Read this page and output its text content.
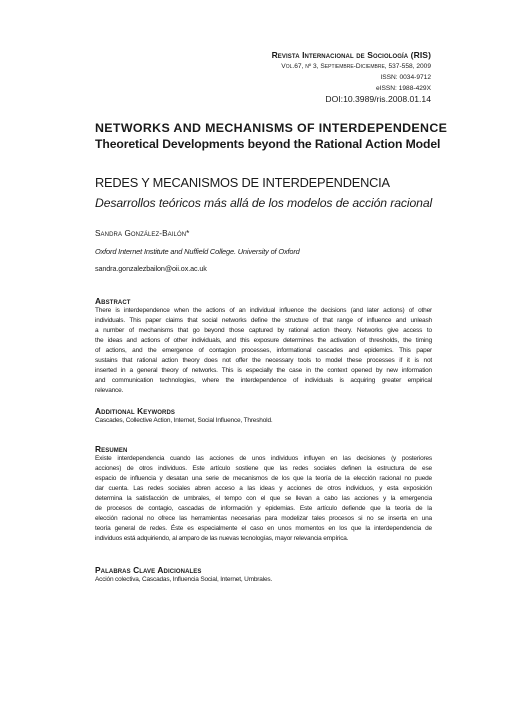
Revista Internacional de Sociología (RIS)
Vol.67, nº 3, Septiembre-Diciembre, 537-558, 2009
ISSN: 0034-9712
eISSN: 1988-429X
DOI:10.3989/ris.2008.01.14
NETWORKS AND MECHANISMS OF INTERDEPENDENCE
Theoretical Developments beyond the Rational Action Model
REDES Y MECANISMOS DE INTERDEPENDENCIA
Desarrollos teóricos más allá de los modelos de acción racional
Sandra González-Bailón*
Oxford Internet Institute and Nuffield College. University of Oxford
sandra.gonzalezbailon@oii.ox.ac.uk
Abstract
There is interdependence when the actions of an individual influence the decisions (and later actions) of other
individuals. This paper claims that social networks define the structure of that range of influence and unleash
a number of mechanisms that go beyond those captured by rational action theory. Networks give access to
the ideas and actions of other individuals, and this exposure determines the activation of thresholds, the timing
of actions, and the emergence of contagion processes, informational cascades and epidemics. This paper
sustains that rational action theory does not offer the necessary tools to model these processes if it is not
inserted in a general theory of networks. This is especially the case in the context opened by new information
and communication technologies, where the interdependence of individuals is acquiring greater empirical
relevance.
Additional Keywords
Cascades, Collective Action, Internet, Social Influence, Threshold.
Resumen
Existe interdependencia cuando las acciones de unos individuos influyen en las decisiones (y posteriores
acciones) de otros individuos. Este artículo sostiene que las redes sociales definen la estructura de ese
espacio de influencia y desatan una serie de mecanismos de los que la teoría de la elección racional no puede
dar cuenta. Las redes sociales abren acceso a las ideas y acciones de otros individuos, y esta exposición
determina la satisfacción de umbrales, el tempo con el que se llevan a cabo las acciones y la emergencia
de procesos de contagio, cascadas de información y epidemias. Este artículo defiende que la teoría de la
elección racional no ofrece las herramientas necesarias para modelizar tales procesos si no se inserta en una
teoría general de redes. Éste es especialmente el caso en unos momentos en los que la interdependencia de
individuos está adquiriendo, al amparo de las nuevas tecnologías, mayor relevancia empírica.
Palabras Clave Adicionales
Acción colectiva, Cascadas, Influencia Social, Internet, Umbrales.
